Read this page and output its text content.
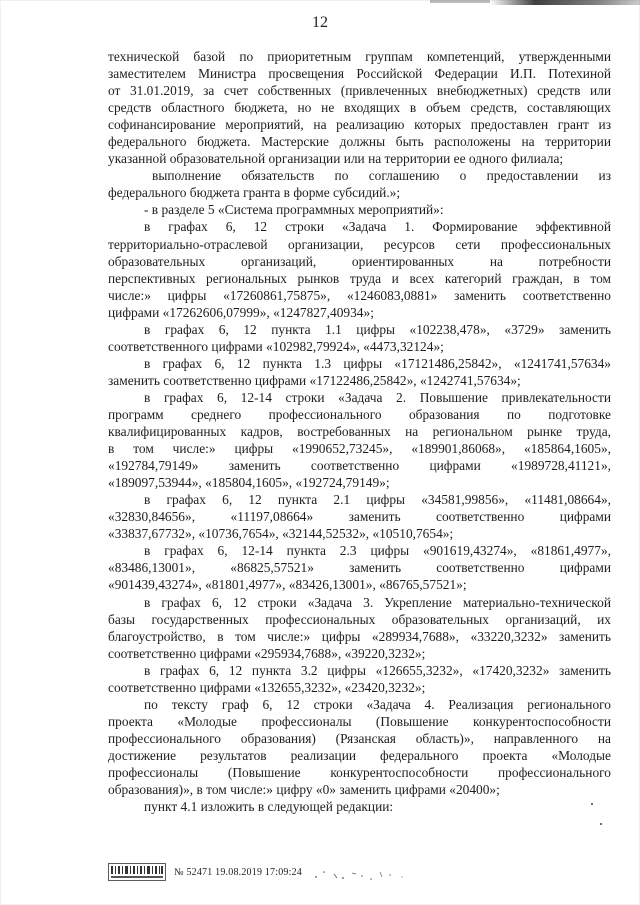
12
технической базой по приоритетным группам компетенций, утвержденными
заместителем Министра просвещения Российской Федерации И.П. Потехиной
от 31.01.2019, за счет собственных (привлеченных внебюджетных) средств или
средств областного бюджета, но не входящих в объем средств, составляющих
софинансирование мероприятий, на реализацию которых предоставлен грант из
федерального бюджета. Мастерские должны быть расположены на территории
указанной образовательной организации или на территории ее одного филиала;
выполнение обязательств по соглашению о предоставлении из
федерального бюджета гранта в форме субсидий.»;
- в разделе 5 «Система программных мероприятий»:
в графах 6, 12 строки «Задача 1. Формирование эффективной
территориально-отраслевой организации, ресурсов сети профессиональных
образовательных организаций, ориентированных на потребности
перспективных региональных рынков труда и всех категорий граждан, в том
числе:» цифры «17260861,75875», «1246083,0881» заменить соответственно
цифрами «17262606,07999», «1247827,40934»;
в графах 6, 12 пункта 1.1 цифры «102238,478», «3729» заменить
соответственного цифрами «102982,79924», «4473,32124»;
в графах 6, 12 пункта 1.3 цифры «17121486,25842», «1241741,57634»
заменить соответственно цифрами «17122486,25842», «1242741,57634»;
в графах 6, 12-14 строки «Задача 2. Повышение привлекательности
программ среднего профессионального образования по подготовке
квалифицированных кадров, востребованных на региональном рынке труда,
в том числе:» цифры «1990652,73245», «189901,86068», «185864,1605»,
«192784,79149» заменить соответственно цифрами «1989728,41121»,
«189097,53944», «185804,1605», «192724,79149»;
в графах 6, 12 пункта 2.1 цифры «34581,99856», «11481,08664»,
«32830,84656», «11197,08664» заменить соответственно цифрами
«33837,67732», «10736,7654», «32144,52532», «10510,7654»;
в графах 6, 12-14 пункта 2.3 цифры «901619,43274», «81861,4977»,
«83486,13001», «86825,57521» заменить соответственно цифрами
«901439,43274», «81801,4977», «83426,13001», «86765,57521»;
в графах 6, 12 строки «Задача 3. Укрепление материально-технической
базы государственных профессиональных образовательных организаций, их
благоустройство, в том числе:» цифры «289934,7688», «33220,3232» заменить
соответственно цифрами «295934,7688», «39220,3232»;
в графах 6, 12 пункта 3.2 цифры «126655,3232», «17420,3232» заменить
соответственно цифрами «132655,3232», «23420,3232»;
по тексту граф 6, 12 строки «Задача 4. Реализация регионального
проекта «Молодые профессионалы (Повышение конкурентоспособности
профессионального образования) (Рязанская область)», направленного на
достижение результатов реализации федерального проекта «Молодые
профессионалы (Повышение конкурентоспособности профессионального
образования)», в том числе:» цифру «0» заменить цифрами «20400»;
пункт 4.1 изложить в следующей редакции:
№ 52471 19.08.2019 17:09:24
